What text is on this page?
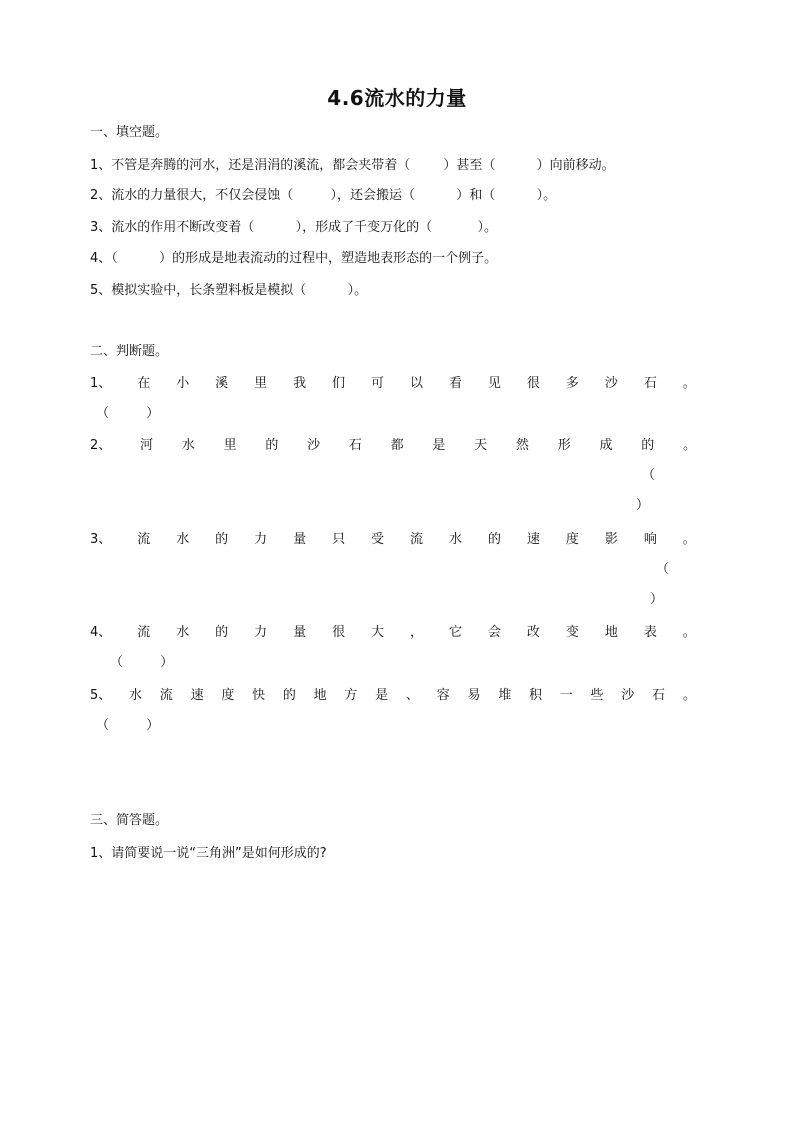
4.6流水的力量
一、填空题。
1、不管是奔腾的河水，还是涓涓的溪流，都会夹带着（        ）甚至（          ）向前移动。
2、流水的力量很大，不仅会侵蚀（         ），还会搬运（          ）和（          ）。
3、流水的作用不断改变着（          ），形成了千变万化的（           ）。
4、（          ）的形成是地表流动的过程中，塑造地表形态的一个例子。
5、模拟实验中，长条塑料板是模拟（          ）。
二、判断题。
1、 在 小 溪 里 我 们 可 以 看 见 很 多 沙 石 。
（         ）
2、 河 水 里 的 沙 石 都 是 天 然 形 成 的 。
（
）
3、 流 水 的 力 量 只 受 流 水 的 速 度 影 响 。
（
）
4、 流 水 的 力 量 很 大 ， 它 会 改 变 地 表 。
（         ）
5、 水 流 速 度 快 的 地 方 是 、 容 易 堆 积 一 些 沙 石 。
（         ）
三、简答题。
1、请简要说一说“三角洲”是如何形成的?
